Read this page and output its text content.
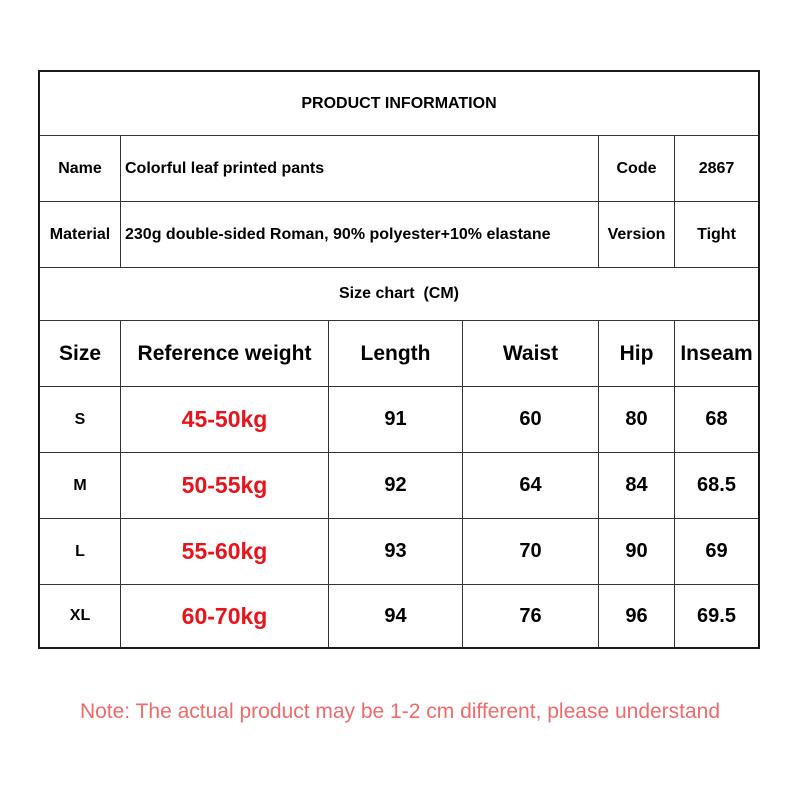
PRODUCT INFORMATION
Name	Colorful leaf printed pants	Code	2867
Material 230g double-sided Roman, 90% polyester+10% elastane	Version	Tight
Size chart  (CM)
Size	Reference weight	Length	Waist	Hip	Inseam
S	45-50kg	91	60	80	68
M	50-55kg	92	64	84	68.5
L	55-60kg	93	70	90	69
XL	60-70kg	94	76	96	69.5
Note: The actual product may be 1-2 cm different, please understand
